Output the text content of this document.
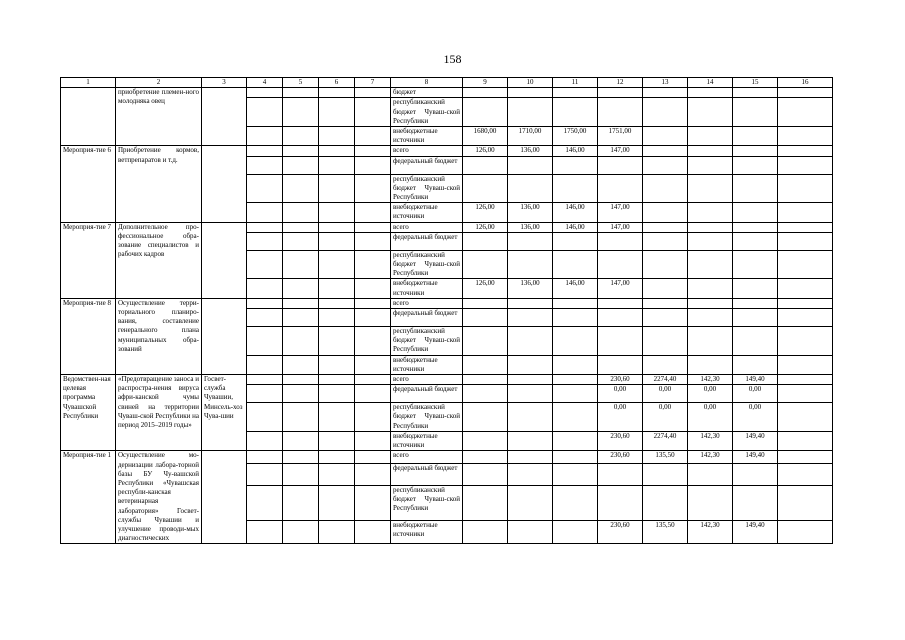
158
1	2	3	4	5	6	7	8	9	10	11	12	13	14	15	16
	приобретение племен-ного молодняка овец						бюджет								
							республиканский бюджет Чуваш-ской Республики								
							внебюджетные источники	1680,00	1710,00	1750,00	1751,00				
Мероприя-тие 6	Приобретение кормов, ветпрепаратов и т.д.						всего	126,00	136,00	146,00	147,00				
							федеральный бюджет								
							республиканский бюджет Чуваш-ской Республики								
							внебюджетные источники	126,00	136,00	146,00	147,00				
Мероприя-тие 7	Дополнительное про-фессиональное обра-зование специалистов и рабочих кадров						всего	126,00	136,00	146,00	147,00				
							федеральный бюджет								
							республиканский бюджет Чуваш-ской Республики								
							внебюджетные источники	126,00	136,00	146,00	147,00				
Мероприя-тие 8	Осуществление терри-ториального планиро-вания, составление генерального плана муниципальных обра-зований						всего								
							федеральный бюджет								
							республиканский бюджет Чуваш-ской Республики								
							внебюджетные источники								
Ведомствен-ная целевая программа Чувашской Республики	«Предотвращение заноса и распростра-нения вируса афри-канской чумы свиней на территории Чуваш-ской Республики на период 2015–2019 годы»	Госвет-служба Чувашии, Минсель-хоз Чува-шии					всего				230,60	2274,40	142,30	149,40	
							федеральный бюджет				0,00	0,00	0,00	0,00	
							республиканский бюджет Чуваш-ской Республики				0,00	0,00	0,00	0,00	
							внебюджетные источники				230,60	2274,40	142,30	149,40	
Мероприя-тие 1	Осуществление мо-дернизации лабора-торной базы БУ Чу-вашской Республики «Чувашская республи-канская ветеринарная лаборатория» Госвет-службы Чувашии и улучшение проводи-мых диагностических						всего				230,60	135,50	142,30	149,40	
							федеральный бюджет								
							республиканский бюджет Чуваш-ской Республики								
							внебюджетные источники				230,60	135,50	142,30	149,40	
